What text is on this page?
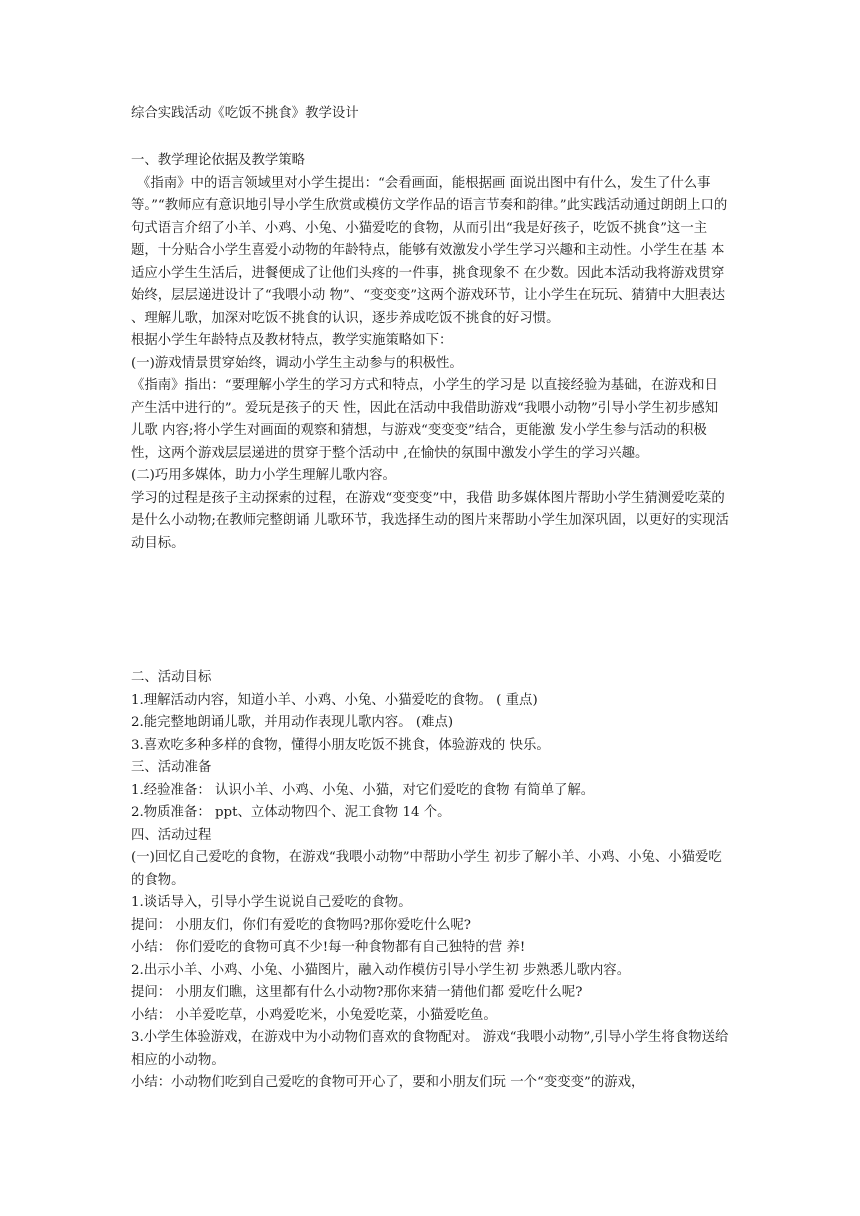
综合实践活动《吃饭不挑食》教学设计
一、教学理论依据及教学策略
《指南》中的语言领域里对小学生提出：“会看画面，能根据画 面说出图中有什么，发生了什么事等。”“教师应有意识地引导小学生欣赏或模仿文学作品的语言节奏和韵律。”此实践活动通过朗朗上口的句式语言介绍了小羊、小鸡、小兔、小猫爱吃的食物，从而引出“我是好孩子，吃饭不挑食”这一主题，十分贴合小学生喜爱小动物的年龄特点，能够有效激发小学生学习兴趣和主动性。小学生在基 本适应小学生生活后，进餐便成了让他们头疼的一件事，挑食现象不 在少数。因此本活动我将游戏贯穿始终，层层递进设计了“我喂小动 物”、“变变变”这两个游戏环节，让小学生在玩玩、猜猜中大胆表达 、理解儿歌，加深对吃饭不挑食的认识，逐步养成吃饭不挑食的好习惯。
根据小学生年龄特点及教材特点，教学实施策略如下：
(一)游戏情景贯穿始终，调动小学生主动参与的积极性。
《指南》指出：“要理解小学生的学习方式和特点，小学生的学习是 以直接经验为基础，在游戏和日产生活中进行的”。爱玩是孩子的天 性，因此在活动中我借助游戏“我喂小动物”引导小学生初步感知儿歌 内容;将小学生对画面的观察和猜想，与游戏“变变变”结合，更能激 发小学生参与活动的积极性，这两个游戏层层递进的贯穿于整个活动中 ,在愉快的氛围中激发小学生的学习兴趣。
(二)巧用多媒体，助力小学生理解儿歌内容。
学习的过程是孩子主动探索的过程，在游戏“变变变”中，我借 助多媒体图片帮助小学生猜测爱吃菜的是什么小动物;在教师完整朗诵 儿歌环节，我选择生动的图片来帮助小学生加深巩固，以更好的实现活 动目标。
二、活动目标
1.理解活动内容，知道小羊、小鸡、小兔、小猫爱吃的食物。 ( 重点)
2.能完整地朗诵儿歌，并用动作表现儿歌内容。 (难点)
3.喜欢吃多种多样的食物，懂得小朋友吃饭不挑食，体验游戏的 快乐。
三、活动准备
1.经验准备： 认识小羊、小鸡、小兔、小猫，对它们爱吃的食物 有简单了解。
2.物质准备： ppt、立体动物四个、泥工食物 14 个。
四、活动过程
(一)回忆自己爱吃的食物，在游戏“我喂小动物”中帮助小学生 初步了解小羊、小鸡、小兔、小猫爱吃的食物。
1.谈话导入，引导小学生说说自己爱吃的食物。
提问： 小朋友们，你们有爱吃的食物吗?那你爱吃什么呢?
小结： 你们爱吃的食物可真不少!每一种食物都有自己独特的营 养!
2.出示小羊、小鸡、小兔、小猫图片，融入动作模仿引导小学生初 步熟悉儿歌内容。
提问： 小朋友们瞧，这里都有什么小动物?那你来猜一猜他们都 爱吃什么呢?
小结： 小羊爱吃草，小鸡爱吃米，小兔爱吃菜，小猫爱吃鱼。
3.小学生体验游戏，在游戏中为小动物们喜欢的食物配对。 游戏“我喂小动物”,引导小学生将食物送给相应的小动物。
小结：小动物们吃到自己爱吃的食物可开心了，要和小朋友们玩 一个“变变变”的游戏，
